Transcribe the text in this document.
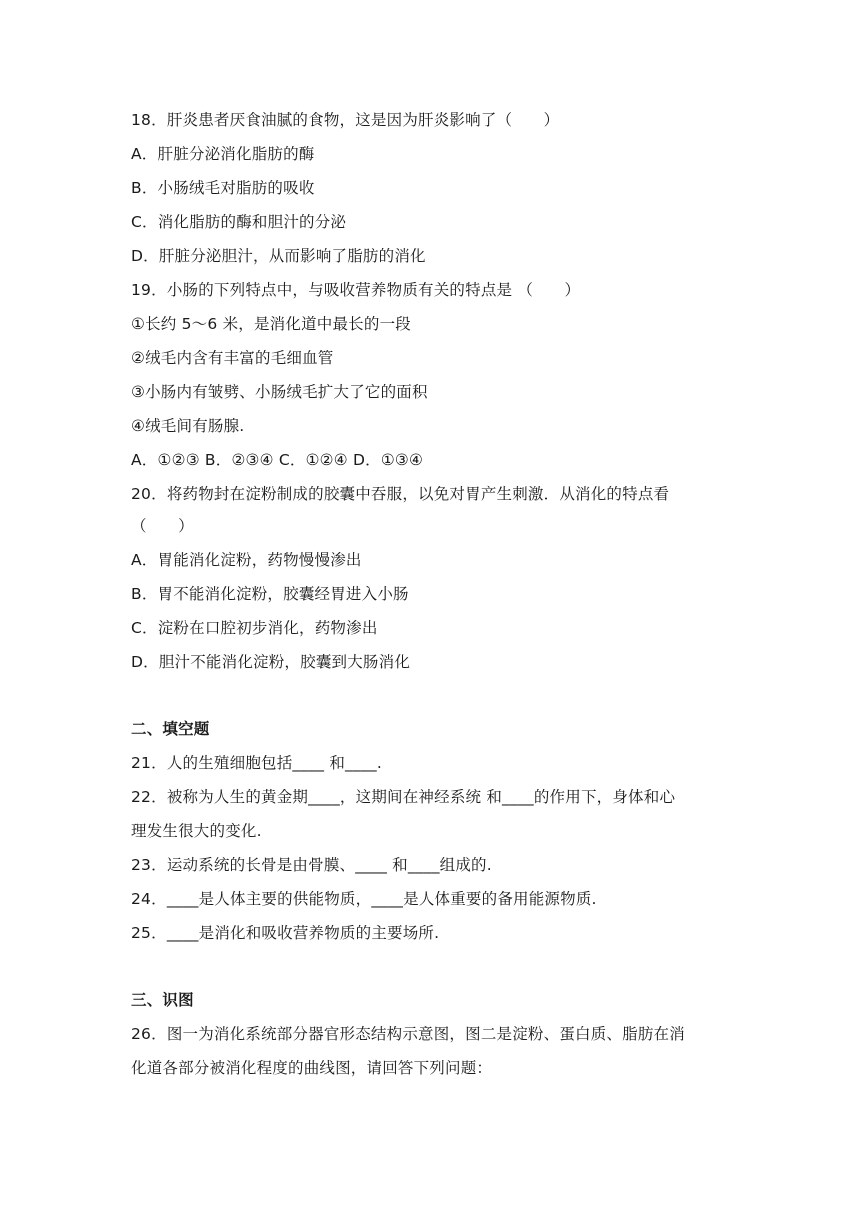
18．肝炎患者厌食油腻的食物，这是因为肝炎影响了（　　）
A．肝脏分泌消化脂肪的酶
B．小肠绒毛对脂肪的吸收
C．消化脂肪的酶和胆汁的分泌
D．肝脏分泌胆汁，从而影响了脂肪的消化
19．小肠的下列特点中，与吸收营养物质有关的特点是 （　　）
①长约 5～6 米，是消化道中最长的一段
②绒毛内含有丰富的毛细血管
③小肠内有皱劈、小肠绒毛扩大了它的面积
④绒毛间有肠腺.
A．①②③ B．②③④ C．①②④ D．①③④
20．将药物封在淀粉制成的胶囊中吞服，以免对胃产生刺激．从消化的特点看
（　　）
A．胃能消化淀粉，药物慢慢渗出
B．胃不能消化淀粉，胶囊经胃进入小肠
C．淀粉在口腔初步消化，药物渗出
D．胆汁不能消化淀粉，胶囊到大肠消化
二、填空题
21．人的生殖细胞包括____ 和____.
22．被称为人生的黄金期____，这期间在神经系统 和____的作用下，身体和心
理发生很大的变化.
23．运动系统的长骨是由骨膜、____ 和____组成的.
24．____是人体主要的供能物质，____是人体重要的备用能源物质.
25．____是消化和吸收营养物质的主要场所.
三、识图
26．图一为消化系统部分器官形态结构示意图，图二是淀粉、蛋白质、脂肪在消
化道各部分被消化程度的曲线图，请回答下列问题：
